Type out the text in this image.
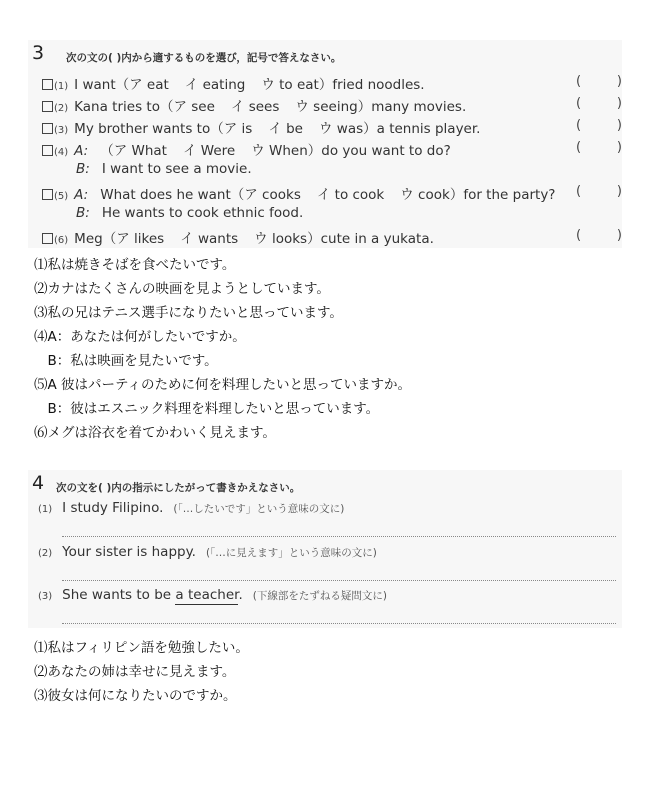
3 次の文の( )内から適するものを選び，記号で答えなさい。
(1) I want（ア eat イ eating ウ to eat）fried noodles.	(	)
(2) Kana tries to（ア see イ sees ウ seeing）many movies.	(	)
(3) My brother wants to（ア is イ be ウ was）a tennis player.	(	)
(4) A: （ア What イ Were ウ When）do you want to do?	(	)
B: I want to see a movie.
(5) A: What does he want（ア cooks イ to cook ウ cook）for the party? (	)
B: He wants to cook ethnic food.
(6) Meg（ア likes イ wants ウ looks）cute in a yukata.	(	)
⑴私は焼きそばを食べたいです。
⑵カナはたくさんの映画を見ようとしています。
⑶私の兄はテニス選手になりたいと思っています。
⑷A：あなたは何がしたいですか。
　B：私は映画を見たいです。
⑸A 彼はパーティのために何を料理したいと思っていますか。
　B：彼はエスニック料理を料理したいと思っています。
⑹メグは浴衣を着てかわいく見えます。
4 次の文を( )内の指示にしたがって書きかえなさい。
(1) I study Filipino. (「…したいです」という意味の文に)
(2) Your sister is happy. (「…に見えます」という意味の文に)
(3) She wants to be a teacher. (下線部をたずねる疑問文に)
⑴私はフィリピン語を勉強したい。
⑵あなたの姉は幸せに見えます。
⑶彼女は何になりたいのですか。
